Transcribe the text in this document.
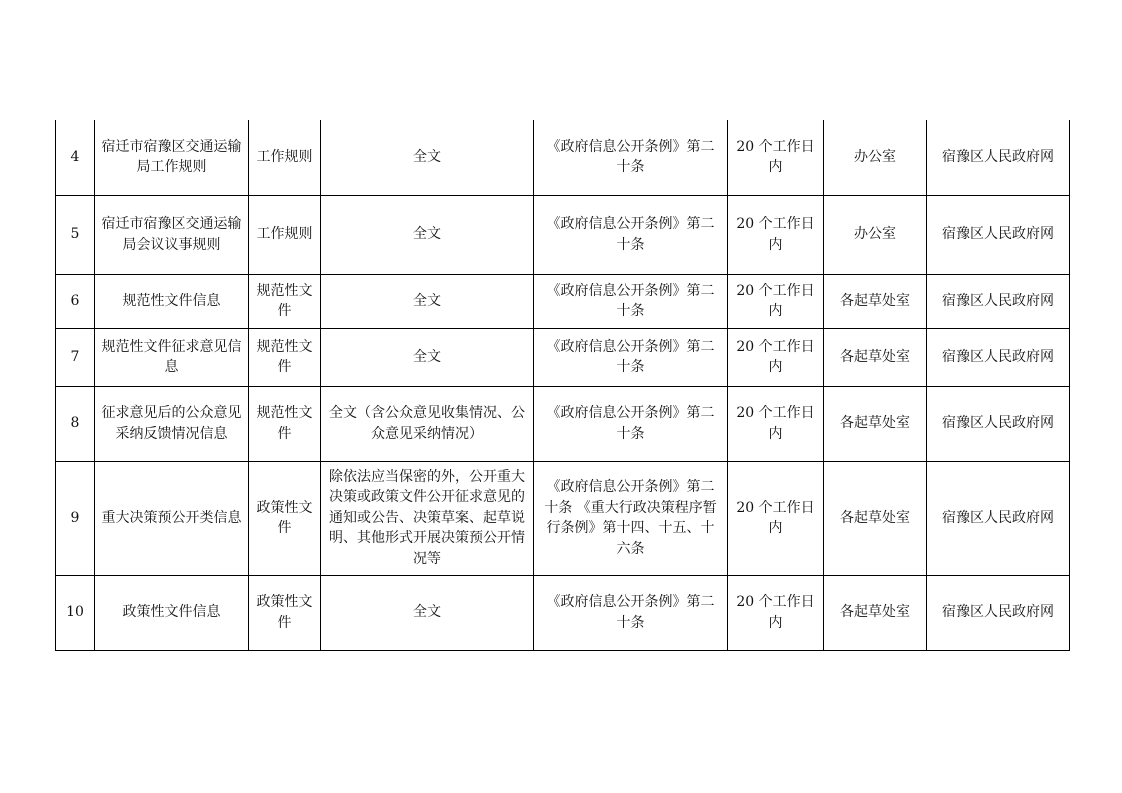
4	宿迁市宿豫区交通运输局工作规则	工作规则	全文	《政府信息公开条例》第二十条	20 个工作日内	办公室	宿豫区人民政府网
5	宿迁市宿豫区交通运输局会议议事规则	工作规则	全文	《政府信息公开条例》第二十条	20 个工作日内	办公室	宿豫区人民政府网
6	规范性文件信息	规范性文件	全文	《政府信息公开条例》第二十条	20 个工作日内	各起草处室	宿豫区人民政府网
7	规范性文件征求意见信息	规范性文件	全文	《政府信息公开条例》第二十条	20 个工作日内	各起草处室	宿豫区人民政府网
8	征求意见后的公众意见采纳反馈情况信息	规范性文件	全文（含公众意见收集情况、公众意见采纳情况）	《政府信息公开条例》第二十条	20 个工作日内	各起草处室	宿豫区人民政府网
9	重大决策预公开类信息	政策性文件	除依法应当保密的外，公开重大决策或政策文件公开征求意见的通知或公告、决策草案、起草说明、其他形式开展决策预公开情况等	《政府信息公开条例》第二十条 《重大行政决策程序暂行条例》第十四、十五、十六条	20 个工作日内	各起草处室	宿豫区人民政府网
10	政策性文件信息	政策性文件	全文	《政府信息公开条例》第二十条	20 个工作日内	各起草处室	宿豫区人民政府网
